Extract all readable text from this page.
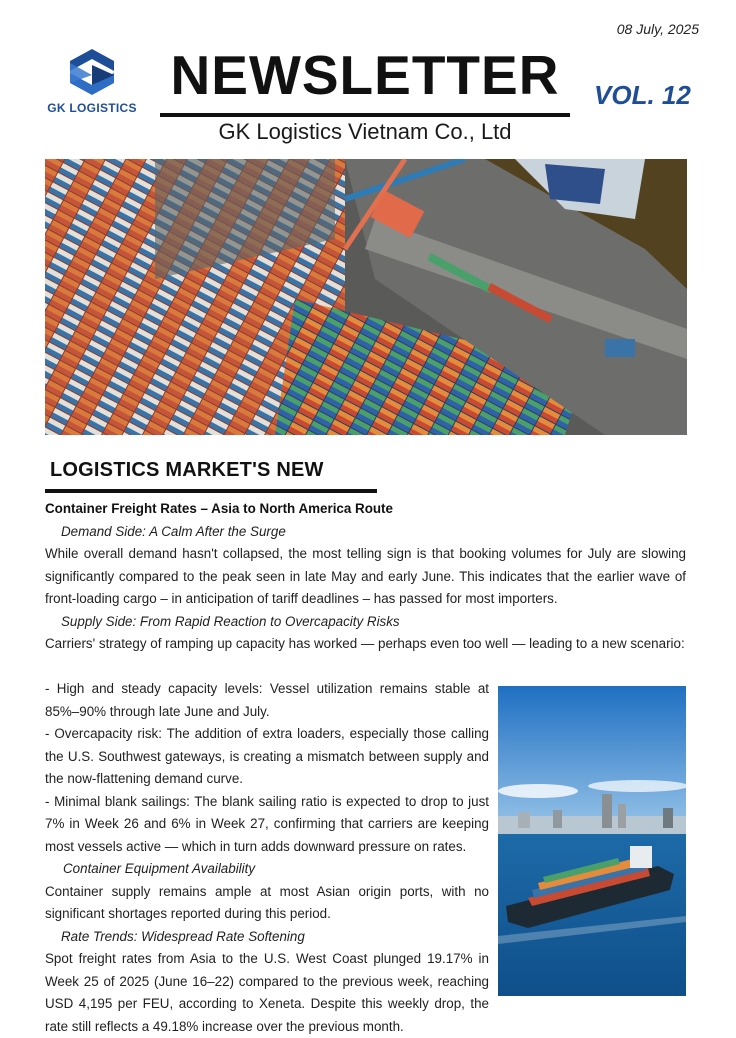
08 July, 2025
GK LOGISTICS
NEWSLETTER
GK Logistics Vietnam Co., Ltd
VOL. 12
LOGISTICS MARKET'S NEW
Container Freight Rates – Asia to North America Route
Demand Side: A Calm After the Surge

While overall demand hasn't collapsed, the most telling sign is that booking volumes for July are slowing significantly compared to the peak seen in late May and early June. This indicates that the earlier wave of front-loading cargo – in anticipation of tariff deadlines – has passed for most importers.

Supply Side: From Rapid Reaction to Overcapacity Risks

Carriers' strategy of ramping up capacity has worked — perhaps even too well — leading to a new scenario:

- High and steady capacity levels: Vessel utilization remains stable at 85%–90% through late June and July.

- Overcapacity risk: The addition of extra loaders, especially those calling the U.S. Southwest gateways, is creating a mismatch between supply and the now-flattening demand curve.

- Minimal blank sailings: The blank sailing ratio is expected to drop to just 7% in Week 26 and 6% in Week 27, confirming that carriers are keeping most vessels active — which in turn adds downward pressure on rates.

Container Equipment Availability

Container supply remains ample at most Asian origin ports, with no significant shortages reported during this period.

Rate Trends: Widespread Rate Softening

Spot freight rates from Asia to the U.S. West Coast plunged 19.17% in Week 25 of 2025 (June 16–22) compared to the previous week, reaching USD 4,195 per FEU, according to Xeneta. Despite this weekly drop, the rate still reflects a 49.18% increase over the previous month.
